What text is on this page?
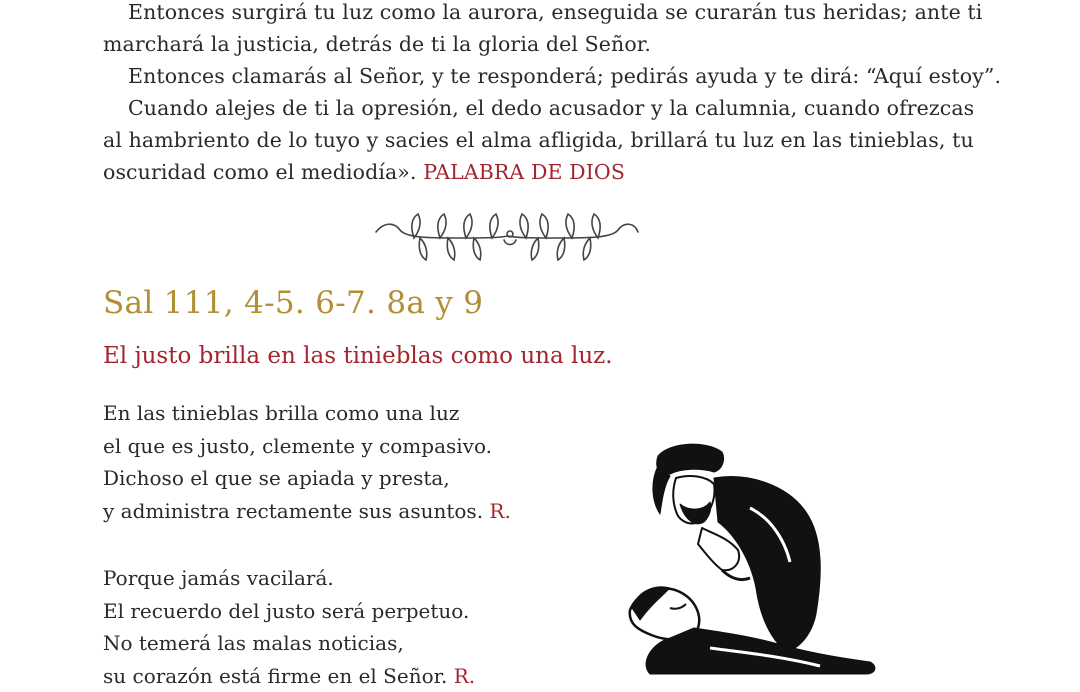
Entonces surgirá tu luz como la aurora, enseguida se curarán tus heridas; ante ti
marchará la justicia, detrás de ti la gloria del Señor.
Entonces clamarás al Señor, y te responderá; pedirás ayuda y te dirá: “Aquí estoy”.
Cuando alejes de ti la opresión, el dedo acusador y la calumnia, cuando ofrezcas
al hambriento de lo tuyo y sacies el alma afligida, brillará tu luz en las tinieblas, tu
oscuridad como el mediodía». PALABRA DE DIOS
Sal 111, 4-5. 6-7. 8a y 9
El justo brilla en las tinieblas como una luz.
En las tinieblas brilla como una luz
el que es justo, clemente y compasivo.
Dichoso el que se apiada y presta,
y administra rectamente sus asuntos. R.
Porque jamás vacilará.
El recuerdo del justo será perpetuo.
No temerá las malas noticias,
su corazón está firme en el Señor. R.
